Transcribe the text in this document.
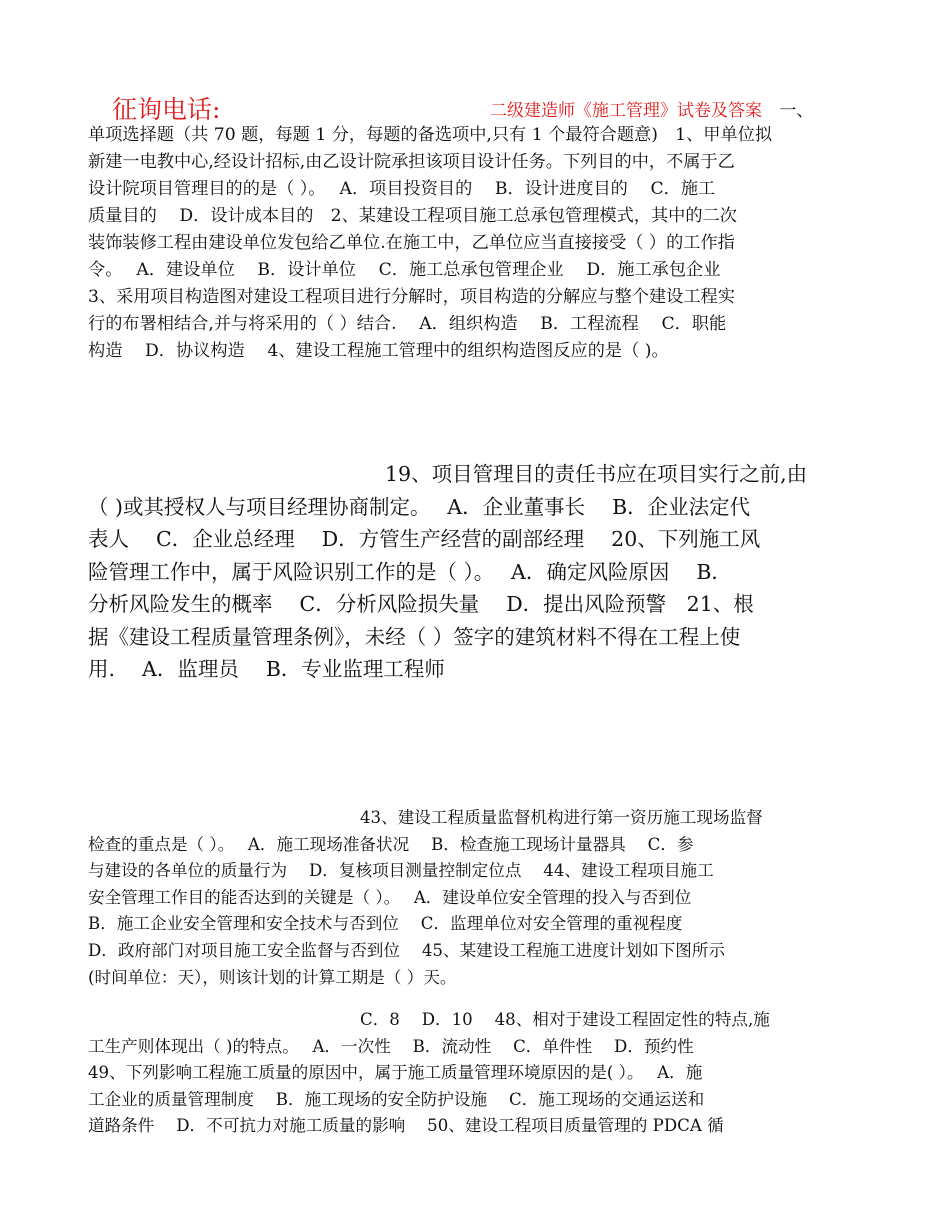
征询电话:	二级建造师《施工管理》试卷及答案 一、
单项选择题（共 70 题，每题 1 分，每题的备选项中,只有 1 个最符合题意)　1、甲单位拟
新建一电教中心,经设计招标,由乙设计院承担该项目设计任务。下列目的中，不属于乙
设计院项目管理目的的是（ ）。　 A．项目投资目的　 B．设计进度目的　 C．施工
质量目的　 D．设计成本目的　2、某建设工程项目施工总承包管理模式，其中的二次
装饰装修工程由建设单位发包给乙单位.在施工中，乙单位应当直接接受（ ）的工作指
令。　 A．建设单位　 B．设计单位　 C．施工总承包管理企业　 D．施工承包企业
3、采用项目构造图对建设工程项目进行分解时，项目构造的分解应与整个建设工程实
行的布署相结合,并与将采用的（ ）结合.　 A．组织构造　 B．工程流程　 C．职能
构造　 D．协议构造　 4、建设工程施工管理中的组织构造图反应的是（ )。
19、项目管理目的责任书应在项目实行之前,由
（ )或其授权人与项目经理协商制定。　 A．企业董事长　 B．企业法定代
表人　 C．企业总经理　 D．方管生产经营的副部经理　 20、下列施工风
险管理工作中，属于风险识别工作的是（ ）。　 A．确定风险原因　 B．
分析风险发生的概率　 C．分析风险损失量　 D．提出风险预警　21、根
据《建设工程质量管理条例》，未经（ ）签字的建筑材料不得在工程上使
用.　 A．监理员　 B．专业监理工程师
43、建设工程质量监督机构进行第一资历施工现场监督
检查的重点是（ ）。　 A．施工现场准备状况　 B．检查施工现场计量器具　 C．参
与建设的各单位的质量行为　 D．复核项目测量控制定位点　 44、建设工程项目施工
安全管理工作目的能否达到的关键是（ ）。　 A．建设单位安全管理的投入与否到位
B．施工企业安全管理和安全技术与否到位　 C．监理单位对安全管理的重视程度
D．政府部门对项目施工安全监督与否到位　 45、某建设工程施工进度计划如下图所示
(时间单位：天），则该计划的计算工期是（ ）天。
C．8　 D．10　 48、相对于建设工程固定性的特点,施
工生产则体现出（ )的特点。　 A．一次性　 B．流动性　 C．单件性　 D．预约性
49、下列影响工程施工质量的原因中，属于施工质量管理环境原因的是( ）。　 A．施
工企业的质量管理制度　 B．施工现场的安全防护设施　 C．施工现场的交通运送和
道路条件　 D．不可抗力对施工质量的影响　 50、建设工程项目质量管理的 PDCA 循
